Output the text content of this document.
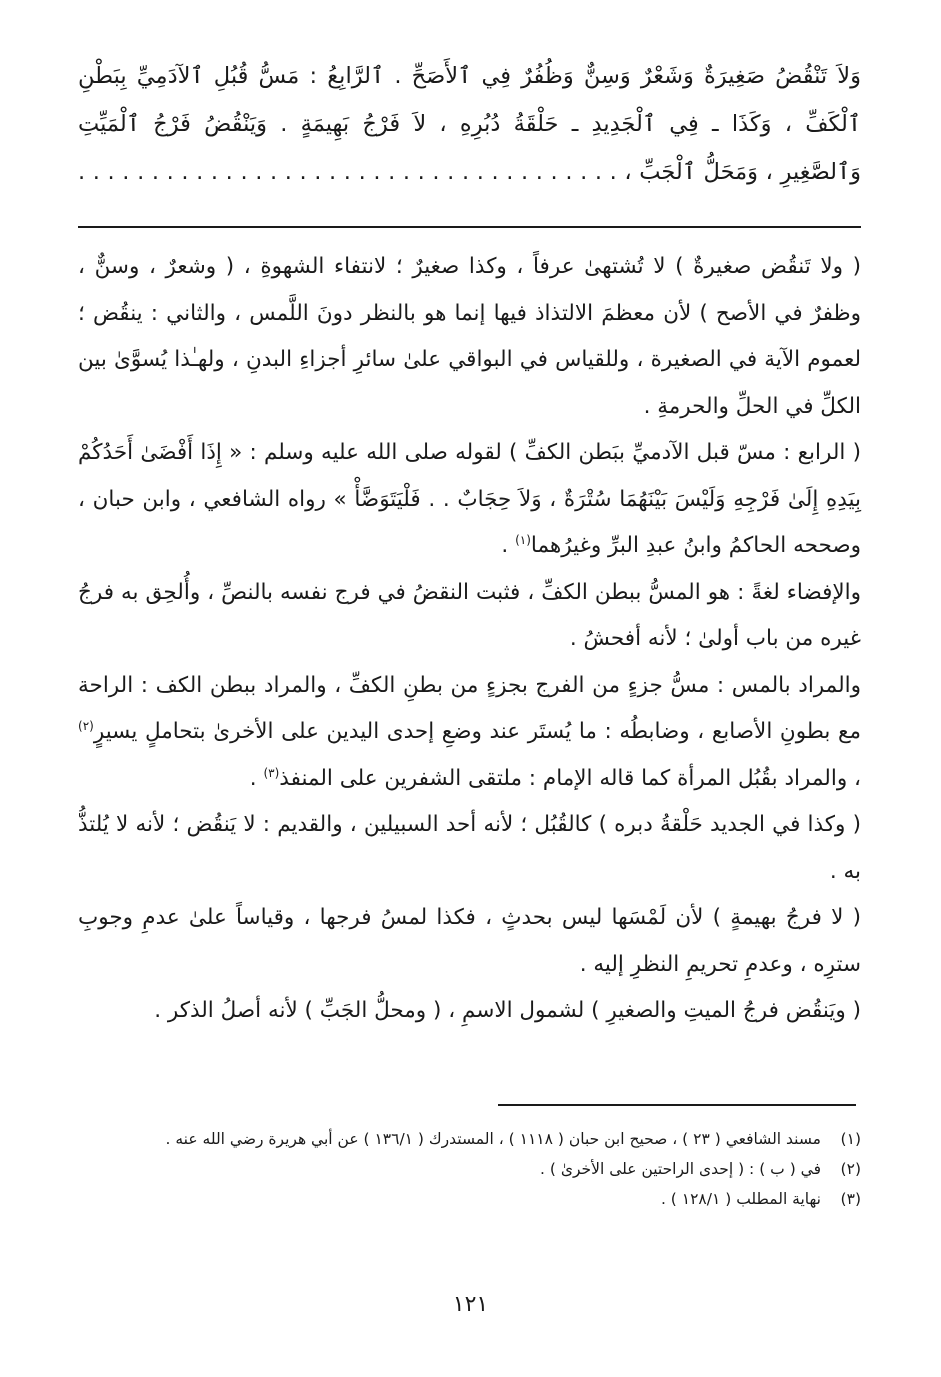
وَلاَ تَنْقُضُ صَغِيرَةٌ وَشَعْرٌ وَسِنٌّ وَظُفُرٌ فِي ٱلأَصَحِّ . ٱلرَّابِعُ : مَسُّ قُبُلِ ٱلآدَمِيِّ بِبَطْنِ
ٱلْكَفِّ ، وَكَذَا ـ فِي ٱلْجَدِيدِ ـ حَلْقَةُ دُبُرِهِ ، لاَ فَرْجُ بَهِيمَةٍ . وَيَنْقُضُ فَرْجُ ٱلْمَيِّتِ
وَٱلصَّغِيرِ ، وَمَحَلُّ ٱلْجَبِّ ، . . . . . . . . . . . . . . . . . . . . . . . . . . . . . . . . . . . . .

( ولا تَنقُض صغيرةٌ ) لا تُشتهىٰ عرفاً ، وكذا صغيرٌ ؛ لانتفاء الشهوةِ ، ( وشعرٌ ، وسنٌّ ، وظفرٌ في الأصح ) لأن معظمَ الالتذاذ فيها إنما هو بالنظر دونَ اللَّمس ، والثاني : ينقُض ؛ لعموم الآية في الصغيرة ، وللقياس في البواقي علىٰ سائرِ أجزاءِ البدنِ ، ولهـٰذا يُسوَّىٰ بين الكلِّ في الحلِّ والحرمةِ .

( الرابع : مسّ قبل الآدميِّ ببَطن الكفِّ ) لقوله صلى الله عليه وسلم : « إِذَا أَفْضَىٰ أَحَدُكُمْ بِيَدِهِ إِلَىٰ فَرْجِهِ وَلَيْسَ بَيْنَهُمَا سُتْرَةٌ ، وَلاَ حِجَابٌ . . فَلْيَتَوَضَّأْ » رواه الشافعي ، وابن حبان ، وصححه الحاكمُ وابنُ عبدِ البرِّ وغيرُهما$^{(١)}$ .

والإفضاء لغةً : هو المسُّ ببطن الكفِّ ، فثبت النقضُ في فرج نفسه بالنصِّ ، وأُلحِق به فرجُ غيره من باب أولىٰ ؛ لأنه أفحشُ .

والمراد بالمس : مسُّ جزءٍ من الفرج بجزءٍ من بطنِ الكفِّ ، والمراد ببطن الكف : الراحة مع بطونِ الأصابع ، وضابطُه : ما يُستَر عند وضعِ إحدى اليدين على الأخرىٰ بتحاملٍ يسيرٍ$^{(٢)}$ ، والمراد بقُبُل المرأة كما قاله الإمام : ملتقى الشفرين على المنفذ$^{(٣)}$ .

( وكذا في الجديد حَلْقةُ دبره ) كالقُبُل ؛ لأنه أحد السبيلين ، والقديم : لا يَنقُض ؛ لأنه لا يُلتذُّ به .

( لا فرجُ بهيمةٍ ) لأن لَمْسَها ليس بحدثٍ ، فكذا لمسُ فرجها ، وقياساً علىٰ عدمِ وجوبِ سترِه ، وعدمِ تحريمِ النظرِ إليه .

( ويَنقُض فرجُ الميتِ والصغيرِ ) لشمول الاسمِ ، ( ومحلُّ الجَبِّ ) لأنه أصلُ الذكر .

(١)
مسند الشافعي ( ٢٣ ) ، صحيح ابن حبان ( ١١١٨ ) ، المستدرك ( ١٣٦/١ ) عن أبي هريرة رضي الله عنه .
(٢)
في ( ب ) : ( إحدى الراحتين على الأخرىٰ ) .
(٣)
نهاية المطلب ( ١٢٨/١ ) .
١٢١
